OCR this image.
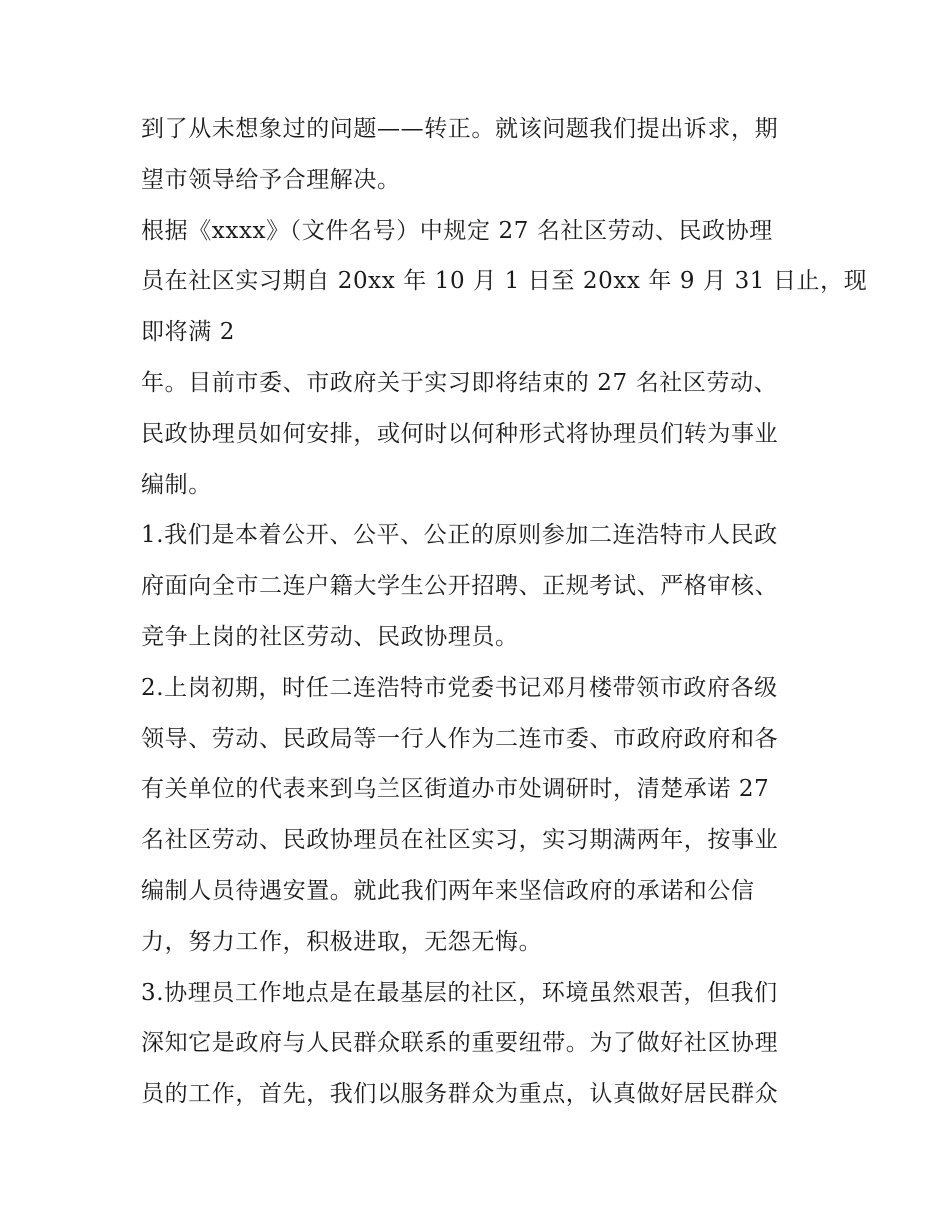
到了从未想象过的问题——转正。就该问题我们提出诉求，期
望市领导给予合理解决。
根据《xxxx》（文件名号）中规定 27 名社区劳动、民政协理
员在社区实习期自 20xx 年 10 月 1 日至 20xx 年 9 月 31 日止，现
即将满 2
年。目前市委、市政府关于实习即将结束的 27 名社区劳动、
民政协理员如何安排，或何时以何种形式将协理员们转为事业
编制。
1.我们是本着公开、公平、公正的原则参加二连浩特市人民政
府面向全市二连户籍大学生公开招聘、正规考试、严格审核、
竞争上岗的社区劳动、民政协理员。
2.上岗初期，时任二连浩特市党委书记邓月楼带领市政府各级
领导、劳动、民政局等一行人作为二连市委、市政府政府和各
有关单位的代表来到乌兰区街道办市处调研时，清楚承诺 27
名社区劳动、民政协理员在社区实习，实习期满两年，按事业
编制人员待遇安置。就此我们两年来坚信政府的承诺和公信
力，努力工作，积极进取，无怨无悔。
3.协理员工作地点是在最基层的社区，环境虽然艰苦，但我们
深知它是政府与人民群众联系的重要纽带。为了做好社区协理
员的工作，首先，我们以服务群众为重点，认真做好居民群众
